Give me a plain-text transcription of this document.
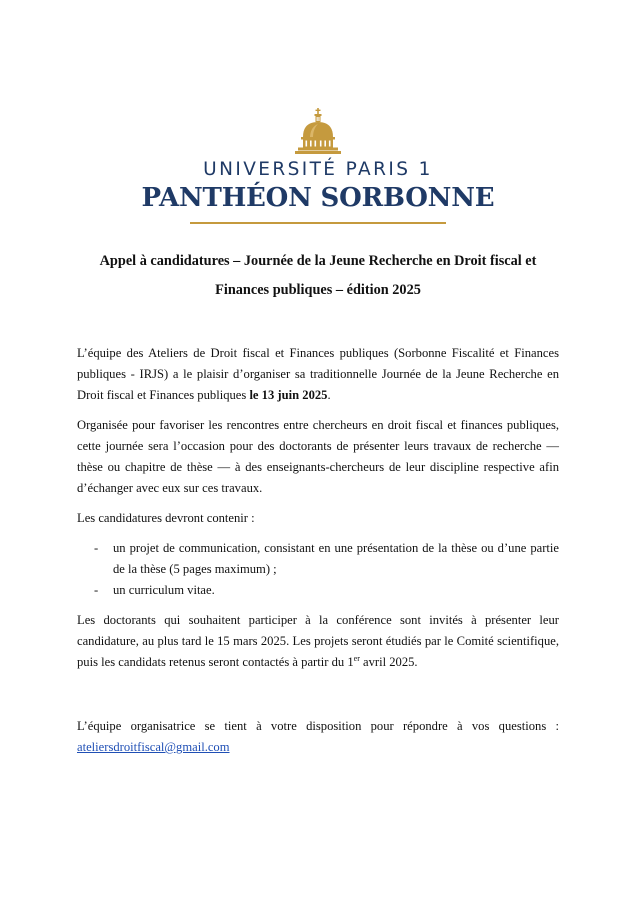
UNIVERSITÉ PARIS 1
PANTHÉON SORBONNE
Appel à candidatures – Journée de la Jeune Recherche en Droit fiscal et
Finances publiques – édition 2025

L’équipe des Ateliers de Droit fiscal et Finances publiques (Sorbonne Fiscalité et Finances publiques - IRJS) a le plaisir d’organiser sa traditionnelle Journée de la Jeune Recherche en Droit fiscal et Finances publiques le 13 juin 2025.

Organisée pour favoriser les rencontres entre chercheurs en droit fiscal et finances publiques, cette journée sera l’occasion pour des doctorants de présenter leurs travaux de recherche — thèse ou chapitre de thèse — à des enseignants-chercheurs de leur discipline respective afin d’échanger avec eux sur ces travaux.

Les candidatures devront contenir :

- un projet de communication, consistant en une présentation de la thèse ou d’une partie de la thèse (5 pages maximum) ;
- un curriculum vitae.

Les doctorants qui souhaitent participer à la conférence sont invités à présenter leur candidature, au plus tard le 15 mars 2025. Les projets seront étudiés par le Comité scientifique, puis les candidats retenus seront contactés à partir du 1er avril 2025.

L’équipe organisatrice se tient à votre disposition pour répondre à vos questions :

ateliersdroitfiscal@gmail.com
